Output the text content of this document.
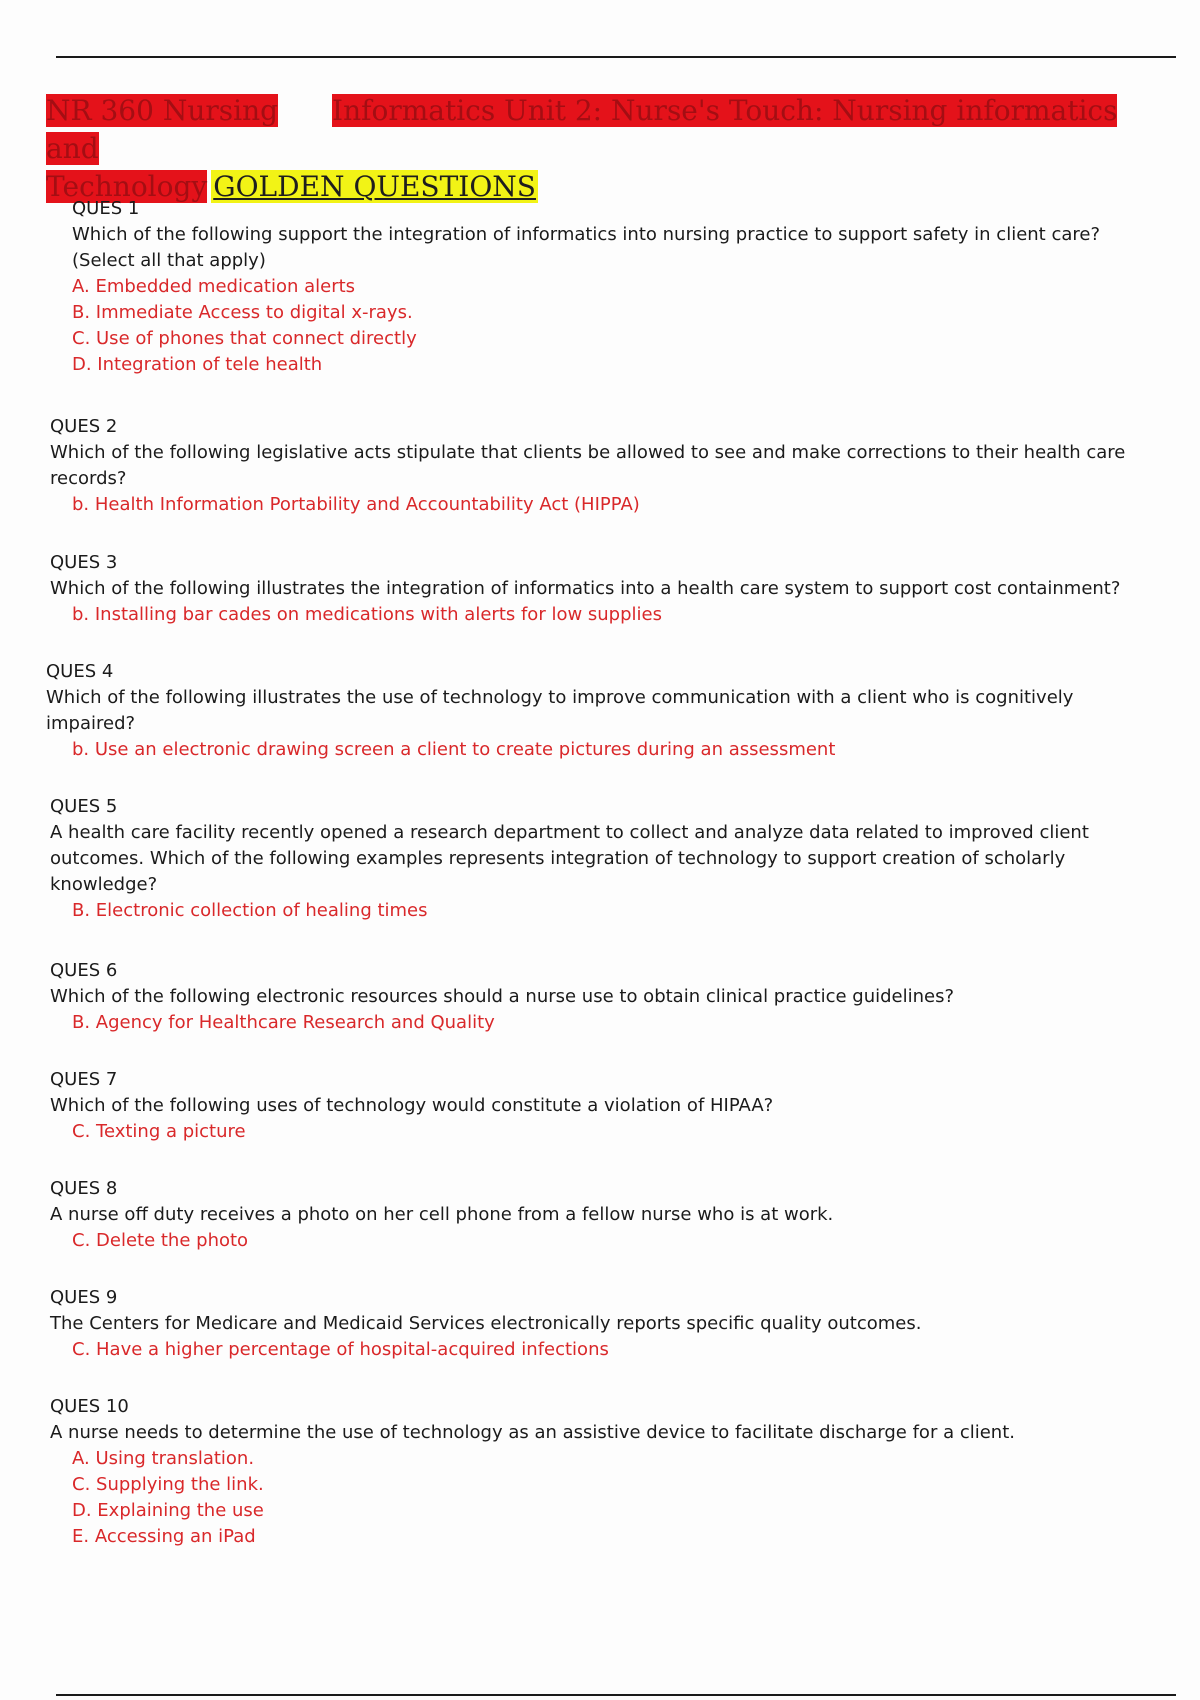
NR 360 Nursing Informatics Unit 2: Nurse's Touch: Nursing informatics and
Technology GOLDEN QUESTIONS
QUES 1
Which of the following support the integration of informatics into nursing practice to support safety in client care? (Select all that apply)
A. Embedded medication alerts
B. Immediate Access to digital x-rays.
C. Use of phones that connect directly
D. Integration of tele health
QUES 2
Which of the following legislative acts stipulate that clients be allowed to see and make corrections to their health care records?
b. Health Information Portability and Accountability Act (HIPPA)
QUES 3
Which of the following illustrates the integration of informatics into a health care system to support cost containment?
b. Installing bar cades on medications with alerts for low supplies
QUES 4
Which of the following illustrates the use of technology to improve communication with a client who is cognitively impaired?
b. Use an electronic drawing screen a client to create pictures during an assessment
QUES 5
A health care facility recently opened a research department to collect and analyze data related to improved client outcomes. Which of the following examples represents integration of technology to support creation of scholarly knowledge?
B. Electronic collection of healing times
QUES 6
Which of the following electronic resources should a nurse use to obtain clinical practice guidelines?
B. Agency for Healthcare Research and Quality
QUES 7
Which of the following uses of technology would constitute a violation of HIPAA?
C. Texting a picture
QUES 8
A nurse off duty receives a photo on her cell phone from a fellow nurse who is at work.
C. Delete the photo
QUES 9
The Centers for Medicare and Medicaid Services electronically reports specific quality outcomes.
C. Have a higher percentage of hospital-acquired infections
QUES 10
A nurse needs to determine the use of technology as an assistive device to facilitate discharge for a client.
A. Using translation.
C. Supplying the link.
D. Explaining the use
E. Accessing an iPad
